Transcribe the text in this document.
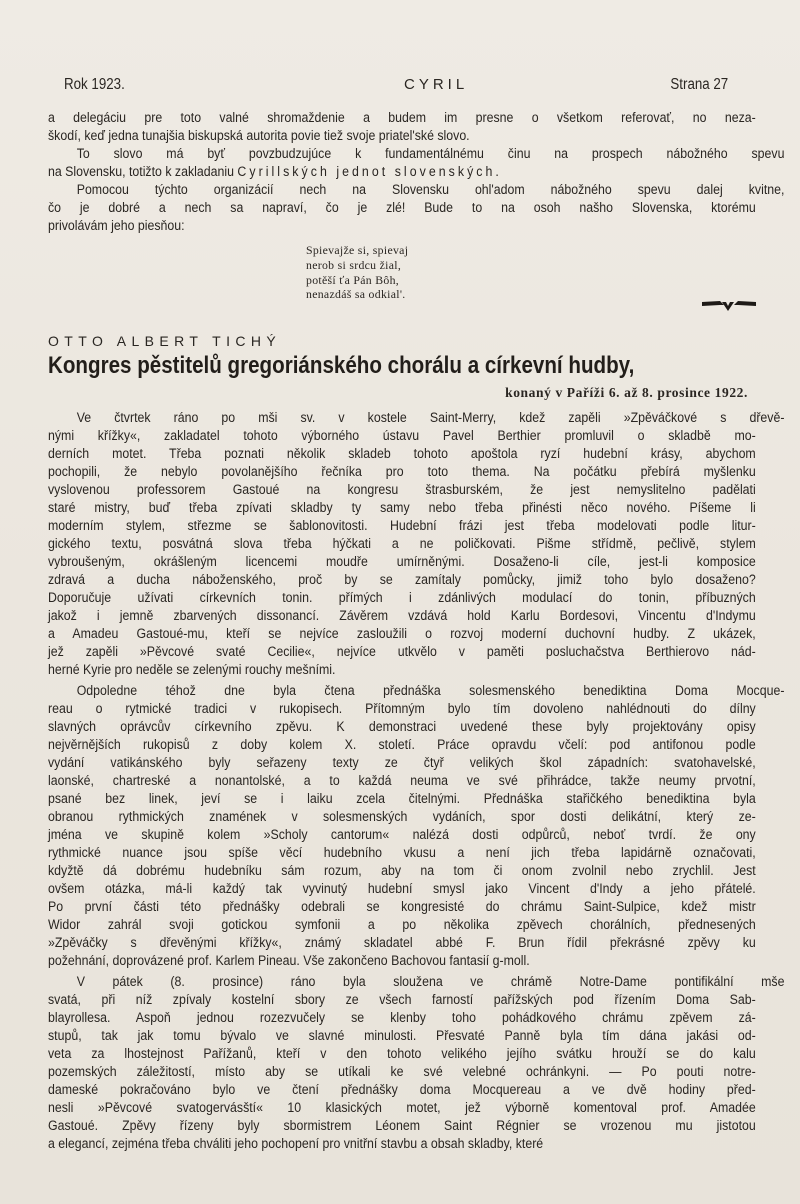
Rok 1923.	CYRIL	Strana 27
a delegáciu pre toto valné shromaždenie a budem im presne o všetkom referovať, no neza-
škodí, keď jedna tunajšia biskupská autorita povie tiež svoje priatel'ské slovo.
To slovo má byť povzbudzujúce k fundamentálnému činu na prospech nábožného spevu
na Slovensku, totižto k zakladaniu Cyrillských jednot slovenských.
Pomocou týchto organizácií nech na Slovensku ohl'adom nábožného spevu dalej kvitne,
čo je dobré a nech sa napraví, čo je zlé! Bude to na osoh našho Slovenska, ktorému
privolávám jeho piesňou:
Spievajže si, spievaj
nerob si srdcu žial,
potěší ťa Pán Bôh,
nenazdáš sa odkial'.
OTTO ALBERT TICHÝ
Kongres pěstitelů gregoriánského chorálu a církevní hudby,
konaný v Paříži 6. až 8. prosince 1922.
Ve čtvrtek ráno po mši sv. v kostele Saint-Merry, kdež zapěli »Zpěváčkové s dřevě-
nými křížky«, zakladatel tohoto výborného ústavu Pavel Berthier promluvil o skladbě mo-
derních motet. Třeba poznati několik skladeb tohoto apoštola ryzí hudební krásy, abychom
pochopili, že nebylo povolanějšího řečníka pro toto thema. Na počátku přebírá myšlenku
vyslovenou professorem Gastoué na kongresu štrasburském, že jest nemyslitelno padělati
staré mistry, buď třeba zpívati skladby ty samy nebo třeba přinésti něco nového. Píšeme li
moderním stylem, střezme se šablonovitosti. Hudební frázi jest třeba modelovati podle litur-
gického textu, posvátná slova třeba hýčkati a ne poličkovati. Pišme střídmě, pečlivě, stylem
vybroušeným, okrášleným licencemi moudře umírněnými. Dosaženo-li cíle, jest-li komposice
zdravá a ducha náboženského, proč by se zamítaly pomůcky, jimiž toho bylo dosaženo?
Doporučuje užívati církevních tonin. přímých i zdánlivých modulací do tonin, příbuzných
jakož i jemně zbarvených dissonancí. Závěrem vzdává hold Karlu Bordesovi, Vincentu d'Indymu
a Amadeu Gastoué-mu, kteří se nejvíce zasloužili o rozvoj moderní duchovní hudby. Z ukázek,
jež zapěli »Pěvcové svaté Cecilie«, nejvíce utkvělo v paměti posluchačstva Berthierovo nád-
herné Kyrie pro neděle se zelenými rouchy mešními.
Odpoledne téhož dne byla čtena přednáška solesmenského benediktina Doma Mocque-
reau o rytmické tradici v rukopisech. Přítomným bylo tím dovoleno nahlédnouti do dílny
slavných oprávcův církevního zpěvu. K demonstraci uvedené these byly projektovány opisy
nejvěrnějších rukopisů z doby kolem X. století. Práce opravdu včelí: pod antifonou podle
vydání vatikánského byly seřazeny texty ze čtyř velikých škol západních: svatohavelské,
laonské, chartreské a nonantolské, a to každá neuma ve své přihrádce, takže neumy prvotní,
psané bez linek, jeví se i laiku zcela čitelnými. Přednáška stařičkého benediktina byla
obranou rythmických znamének v solesmenských vydáních, spor dosti delikátní, který ze-
jména ve skupině kolem »Scholy cantorum« nalézá dosti odpůrců, neboť tvrdí. že ony
rythmické nuance jsou spíše věcí hudebního vkusu a není jich třeba lapidárně označovati,
kdyžtě dá dobrému hudebníku sám rozum, aby na tom či onom zvolnil nebo zrychlil. Jest
ovšem otázka, má-li každý tak vyvinutý hudební smysl jako Vincent d'Indy a jeho přátelé.
Po první části této přednášky odebrali se kongresisté do chrámu Saint-Sulpice, kdež mistr
Widor zahrál svoji gotickou symfonii a po několika zpěvech chorálních, přednesených
»Zpěváčky s dřevěnými křížky«, známý skladatel abbé F. Brun řídil překrásné zpěvy ku
požehnání, doprovázené prof. Karlem Pineau. Vše zakončeno Bachovou fantasií g-moll.
V pátek (8. prosince) ráno byla sloužena ve chrámě Notre-Dame pontifikální mše
svatá, při níž zpívaly kostelní sbory ze všech farností pařížských pod řízením Doma Sab-
blayrollesa. Aspoň jednou rozezvučely se klenby toho pohádkového chrámu zpěvem zá-
stupů, tak jak tomu bývalo ve slavné minulosti. Přesvaté Panně byla tím dána jakási od-
veta za lhostejnost Pařížanů, kteří v den tohoto velikého jejího svátku hrouží se do kalu
pozemských záležitostí, místo aby se utíkali ke své velebné ochránkyni. — Po pouti notre-
dameské pokračováno bylo ve čtení přednášky doma Mocquereau a ve dvě hodiny před-
nesli »Pěvcové svatogervásští« 10 klasických motet, jež výborně komentoval prof. Amadée
Gastoué. Zpěvy řízeny byly sbormistrem Léonem Saint Régnier se vrozenou mu jistotou
a elegancí, zejména třeba chváliti jeho pochopení pro vnitřní stavbu a obsah skladby, které
